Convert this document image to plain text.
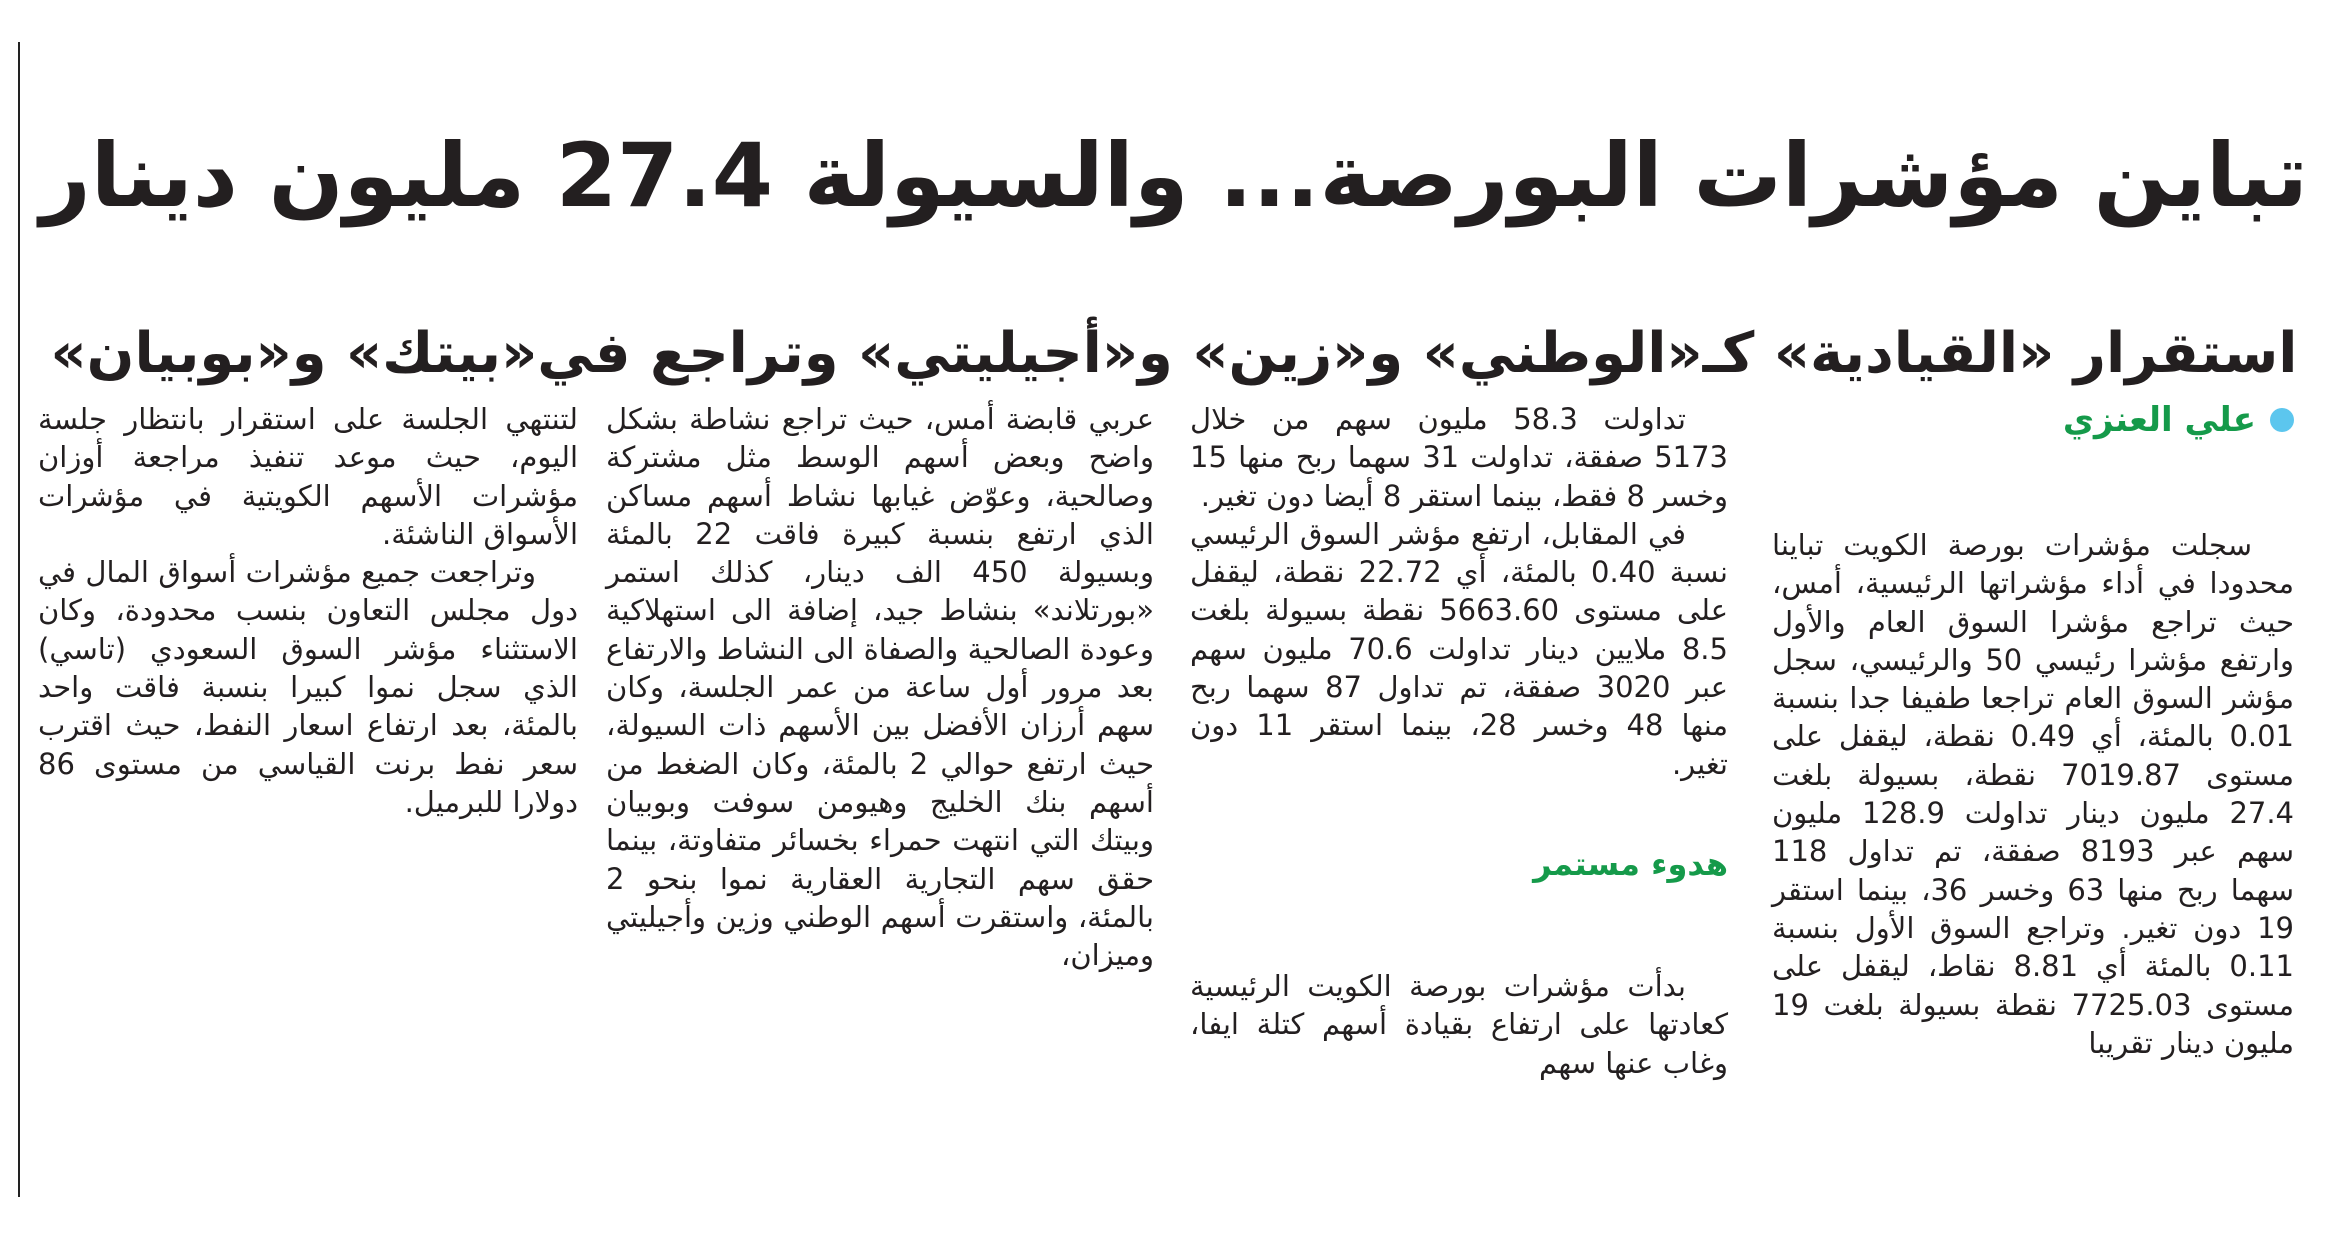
تباين مؤشرات البورصة... والسيولة 27.4 مليون دينار
استقرار «القيادية» كـ«الوطني» و«زين» و«أجيليتي» وتراجع في«بيتك» و«بوبيان»
علي العنزي

سجلت مؤشرات بورصة الكويت تباينا محدودا في أداء مؤشراتها الرئيسية، أمس، حيث تراجع مؤشرا السوق العام والأول وارتفع مؤشرا رئيسي 50 والرئيسي، سجل مؤشر السوق العام تراجعا طفيفا جدا بنسبة 0.01 بالمئة، أي 0.49 نقطة، ليقفل على مستوى 7019.87 نقطة، بسيولة بلغت 27.4 مليون دينار تداولت 128.9 مليون سهم عبر 8193 صفقة، تم تداول 118 سهما ربح منها 63 وخسر 36، بينما استقر 19 دون تغير. وتراجع السوق الأول بنسبة 0.11 بالمئة أي 8.81 نقاط، ليقفل على مستوى 7725.03 نقطة بسيولة بلغت 19 مليون دينار تقريبا

تداولت 58.3 مليون سهم من خلال 5173 صفقة، تداولت 31 سهما ربح منها 15 وخسر 8 فقط، بينما استقر 8 أيضا دون تغير.

في المقابل، ارتفع مؤشر السوق الرئيسي نسبة 0.40 بالمئة، أي 22.72 نقطة، ليقفل على مستوى 5663.60 نقطة بسيولة بلغت 8.5 ملايين دينار تداولت 70.6 مليون سهم عبر 3020 صفقة، تم تداول 87 سهما ربح منها 48 وخسر 28، بينما استقر 11 دون تغير.

هدوء مستمر

بدأت مؤشرات بورصة الكويت الرئيسية كعادتها على ارتفاع بقيادة أسهم كتلة ايفا، وغاب عنها سهم

عربي قابضة أمس، حيث تراجع نشاطة بشكل واضح وبعض أسهم الوسط مثل مشتركة وصالحية، وعوّض غيابها نشاط أسهم مساكن الذي ارتفع بنسبة كبيرة فاقت 22 بالمئة وبسيولة 450 الف دينار، كذلك استمر «بورتلاند» بنشاط جيد، إضافة الى استهلاكية وعودة الصالحية والصفاة الى النشاط والارتفاع بعد مرور أول ساعة من عمر الجلسة، وكان سهم أرزان الأفضل بين الأسهم ذات السيولة، حيث ارتفع حوالي 2 بالمئة، وكان الضغط من أسهم بنك الخليج وهيومن سوفت وبوبيان وبيتك التي انتهت حمراء بخسائر متفاوتة، بينما حقق سهم التجارية العقارية نموا بنحو 2 بالمئة، واستقرت أسهم الوطني وزين وأجيليتي وميزان،

لتنتهي الجلسة على استقرار بانتظار جلسة اليوم، حيث موعد تنفيذ مراجعة أوزان مؤشرات الأسهم الكويتية في مؤشرات الأسواق الناشئة.

وتراجعت جميع مؤشرات أسواق المال في دول مجلس التعاون بنسب محدودة، وكان الاستثناء مؤشر السوق السعودي (تاسي) الذي سجل نموا كبيرا بنسبة فاقت واحد بالمئة، بعد ارتفاع اسعار النفط، حيث اقترب سعر نفط برنت القياسي من مستوى 86 دولارا للبرميل.
